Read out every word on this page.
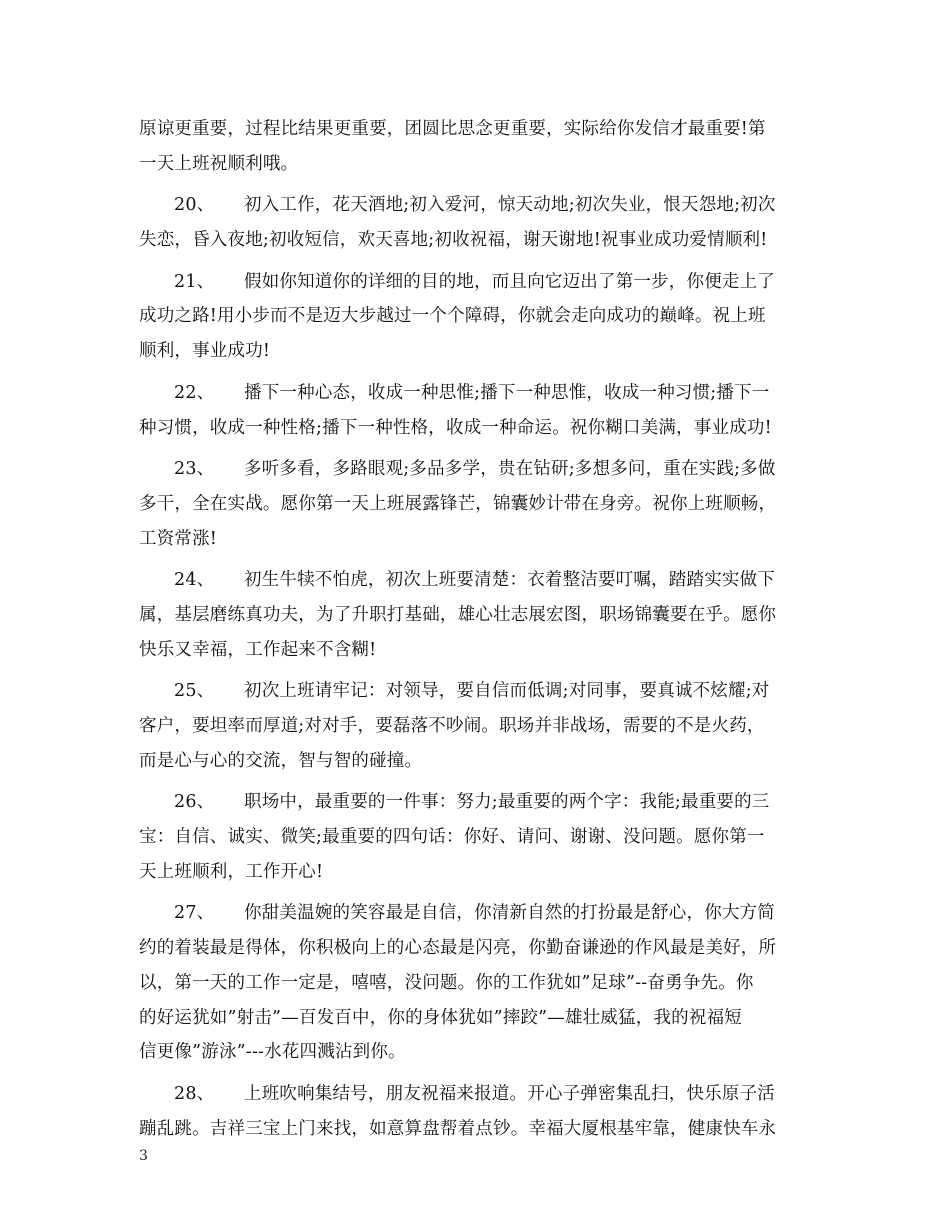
原谅更重要，过程比结果更重要，团圆比思念更重要，实际给你发信才最重要!第
一天上班祝顺利哦。
20、 初入工作，花天酒地;初入爱河，惊天动地;初次失业，恨天怨地;初次
失恋，昏入夜地;初收短信，欢天喜地;初收祝福，谢天谢地!祝事业成功爱情顺利!
21、 假如你知道你的详细的目的地，而且向它迈出了第一步，你便走上了
成功之路!用小步而不是迈大步越过一个个障碍，你就会走向成功的巅峰。祝上班
顺利，事业成功!
22、 播下一种心态，收成一种思惟;播下一种思惟，收成一种习惯;播下一
种习惯，收成一种性格;播下一种性格，收成一种命运。祝你糊口美满，事业成功!
23、 多听多看，多路眼观;多品多学，贵在钻研;多想多问，重在实践;多做
多干，全在实战。愿你第一天上班展露锋芒，锦囊妙计带在身旁。祝你上班顺畅，
工资常涨!
24、 初生牛犊不怕虎，初次上班要清楚：衣着整洁要叮嘱，踏踏实实做下
属，基层磨练真功夫，为了升职打基础，雄心壮志展宏图，职场锦囊要在乎。愿你
快乐又幸福，工作起来不含糊!
25、 初次上班请牢记：对领导，要自信而低调;对同事，要真诚不炫耀;对
客户，要坦率而厚道;对对手，要磊落不吵闹。职场并非战场，需要的不是火药，
而是心与心的交流，智与智的碰撞。
26、 职场中，最重要的一件事：努力;最重要的两个字：我能;最重要的三
宝：自信、诚实、微笑;最重要的四句话：你好、请问、谢谢、没问题。愿你第一
天上班顺利，工作开心!
27、 你甜美温婉的笑容最是自信，你清新自然的打扮最是舒心，你大方简
约的着装最是得体，你积极向上的心态最是闪亮，你勤奋谦逊的作风最是美好，所
以，第一天的工作一定是，嘻嘻，没问题。你的工作犹如”足球”--奋勇争先。你
的好运犹如”射击”—百发百中，你的身体犹如”摔跤”—雄壮威猛，我的祝福短
信更像”游泳”---水花四溅沾到你。
28、 上班吹响集结号，朋友祝福来报道。开心子弹密集乱扫，快乐原子活
蹦乱跳。吉祥三宝上门来找，如意算盘帮着点钞。幸福大厦根基牢靠，健康快车永
3
